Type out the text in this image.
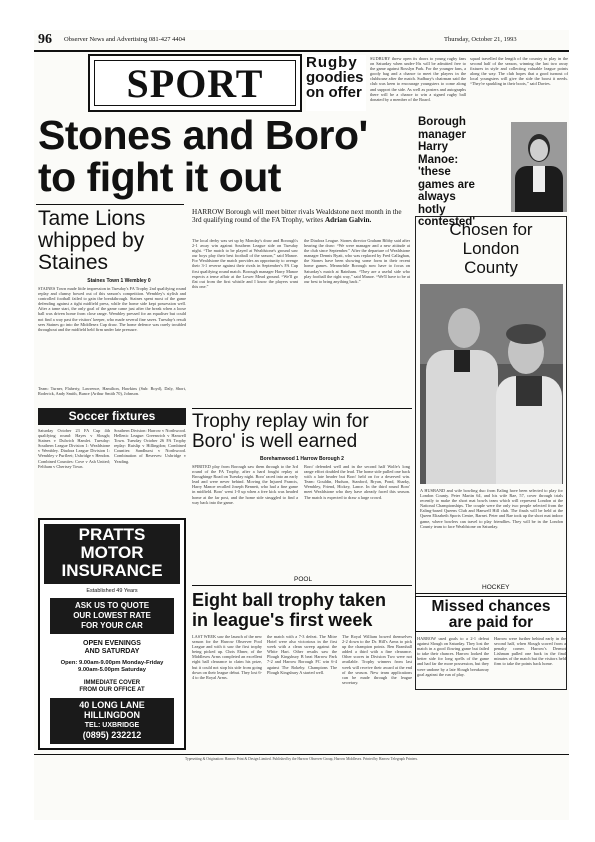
96 Observer News and Advertising 081-427 4404	Thursday, October 21, 1993
SPORT	Rugby
goodies
on offer
SUDBURY threw open its doors to young rugby fans on Saturday when under-16s will be admitted free to the game against Rosslyn Park. For the younger fans, a goody bag and a chance to meet the players in the clubhouse after the match. Sudbury's chairman said the club was keen to encourage youngsters to come along and support the side. As well as posters and autographs there will be a chance to win a signed rugby ball donated by a member of the Board.
squad travelled the length of the country to play in the second half of the season, winning the last two away fixtures in style and collecting valuable league points along the way. The club hopes that a good turnout of local youngsters will give the side the boost it needs. “They're sparkling in their boots,” said Davies.
Stones and Boro'
to fight it out
Borough
manager
Harry
Manoe:
'these
games are
always
hotly
contested'
Tame Lions
whipped by
Staines
Staines Town 1 Wembley 0
STAINES Town made little impression in Tuesday's FA Trophy 2nd qualifying round replay and clumsy bowed out of this season's competition. Wembley's stylish and controlled football failed to gain the breakthrough. Staines spent most of the game defending against a tight midfield press, while the home side kept possession well. After a tame start, the only goal of the game came just after the break when a loose ball was driven home from close range. Wembley pressed for an equaliser but could not find a way past the visitors' keeper, who made several fine saves. Tuesday's result sees Staines go into the Middlesex Cup draw. The home defence was rarely troubled throughout and the midfield held firm under late pressure.
Team: Turner, Flaherty, Lawrence, Hamilton, Hawkins (Sub: Boyd), Daly, Short, Roderick, Andy Smith, Bunce (Arthur Smith 70), Johnson.
HARROW Borough will meet bitter rivals Wealdstone next month in the 3rd qualifying round of the FA Trophy, writes Adrian Galvin.
The local derby was set up by Monday's draw and Borough's 2-1 away win against Southern League side on Tuesday night. “The match to be played at Wealdstone's ground saw our boys play their best football of the season,” said Manoe. For Wealdstone the match provides an opportunity to avenge their 3-1 reverse against their rivals in September's FA Cup first qualifying round match. Borough manager Harry Manoe expects a tense affair at the Lower Mead ground. “We'll go flat out from the first whistle and I know the players want this one.”
the Diadora League. Stones director Graham Bibby said after hearing the draw: “We were manager and a new attitude at the club since September.” After the departure of Wealdstone manager Dennis Byatt, who was replaced by Fred Callaghan, the Stones have been showing some form in their recent home games. Meanwhile Borough now have to focus on Saturday's match at Rainham. “They are a useful side who play football the right way,” said Manoe. “We'll have to be at our best to bring anything back.”
Chosen for
London
County
A HUSBAND and wife bowling duo from Ealing have been selected to play for London County. Peter Martin 64, and his wife Rae, 57, cover through trials recently to make the short mat bowls team which will represent London at the National Championships. The couple were the only two people selected from the Ealing-based Queens Club and Hanwell Hill club. The finals will be held at the Queen Elizabeth Sports Centre, Barnet. Peter and Rae took up the short mat indoor game, where bowlers can travel to play friendlies. They will be in the London County team to face Wealdstone on Saturday.
Trophy replay win for
Boro' is well earned
Borehamwood 1 Harrow Borough 2
SPIRITED play from Borough saw them through to the 3rd round of the FA Trophy, after a hard fought replay at Broughinge Road on Tuesday night. Boro' raced into an early lead and were never behind. Moving the Injured Francis, Harry Manoe recalled Joseph Bennett, who had a fine game in midfield. Boro' went 1-0 up when a free kick was headed home at the far post, and the home side struggled to find a way back into the game.
Boro' defended well and in the second half Wolfe's long range effort doubled the lead. The home side pulled one back with a late header but Boro' held on for a deserved win. Team: Gouldin, Hudson, Stanford, Bryan, Pond, Sharky, Wembley, Friend, Hickey, Lance. In the third round Boro' meet Wealdstone who they have already faced this season. The match is expected to draw a large crowd.
Soccer fixtures
Saturday October 23 FA Cup 4th qualifying round: Hayes v Slough; Staines v Dulwich Hamlet. Tuesday: Southern League Division 1: Wealdstone v Wembley. Diadora League Division 1: Wembley v Purfleet; Uxbridge v Hendon. Combined Counties: Cove v Ash United; Feltham v Chertsey Town.
Southern Division: Harrow v Northwood. Hellenic League: Greenwich v Hanwell Town. Tuesday October 26 FA Trophy replay: Ruislip v Hillingdon; Combined Counties: Sandhurst v Northwood. Combination of Reserves: Uxbridge v Yeading.
PRATTS
MOTOR
INSURANCE
Established 49 Years
ASK US TO QUOTE
OUR LOWEST RATE
FOR YOUR CAR
OPEN EVENINGS
AND SATURDAY
Open: 9.00am-9.00pm Monday-Friday
9.00am-5.00pm Saturday
IMMEDIATE COVER
FROM OUR OFFICE AT
40 LONG LANE
HILLINGDON
TEL: UXBRIDGE
(0895) 232212
POOL
Eight ball trophy taken
in league's first week
LAST WEEK saw the launch of the new season for the Harrow Observer Pool League and with it saw the first trophy being picked up. Chris Ebner, of the Middlesex Arms completed an excellent eight ball clearance to claim his prize, but it could not stop his side from going down on their league debut. They lost 6-4 to the Royal Arms.
the match with a 7-3 defeat. The Mitre Hotel were also victorious in the first week with a clean sweep against the White Hart. Other results saw the Plough Kingsbury B beat Harrow Park 7-2 and Harrow Borough FC win 6-4 against The Rokeby. Champions The Plough Kingsbury A started well.
The Royal William bowed themselves 2-2 down to the Dr. Hill's Arms to pick up the champion points. Ben Bramhall added a third with a fine clearance. Other scores in Division Two were not available. Trophy winners from last week will receive their award at the end of the season. New team applications can be made through the league secretary.
HOCKEY
Missed chances
are paid for
HARROW used goals to a 2-1 defeat against Slough on Saturday. They lost the match in a good flowing game but failed to take their chances. Harrow looked the better side for long spells of the game and had far the more possession, but they were undone by a late Slough breakaway goal against the run of play.
Harrow were further behind early in the second half, when Slough scored from a penalty corner. Harrow's Dermot Lishman pulled one back in the final minutes of the match but the visitors held firm to take the points back home.
Typesetting & Origination: Harrow Print & Design Limited. Published by the Harrow Observer Group, Harrow Middlesex. Printed by Harrow Telegraph Printers.
